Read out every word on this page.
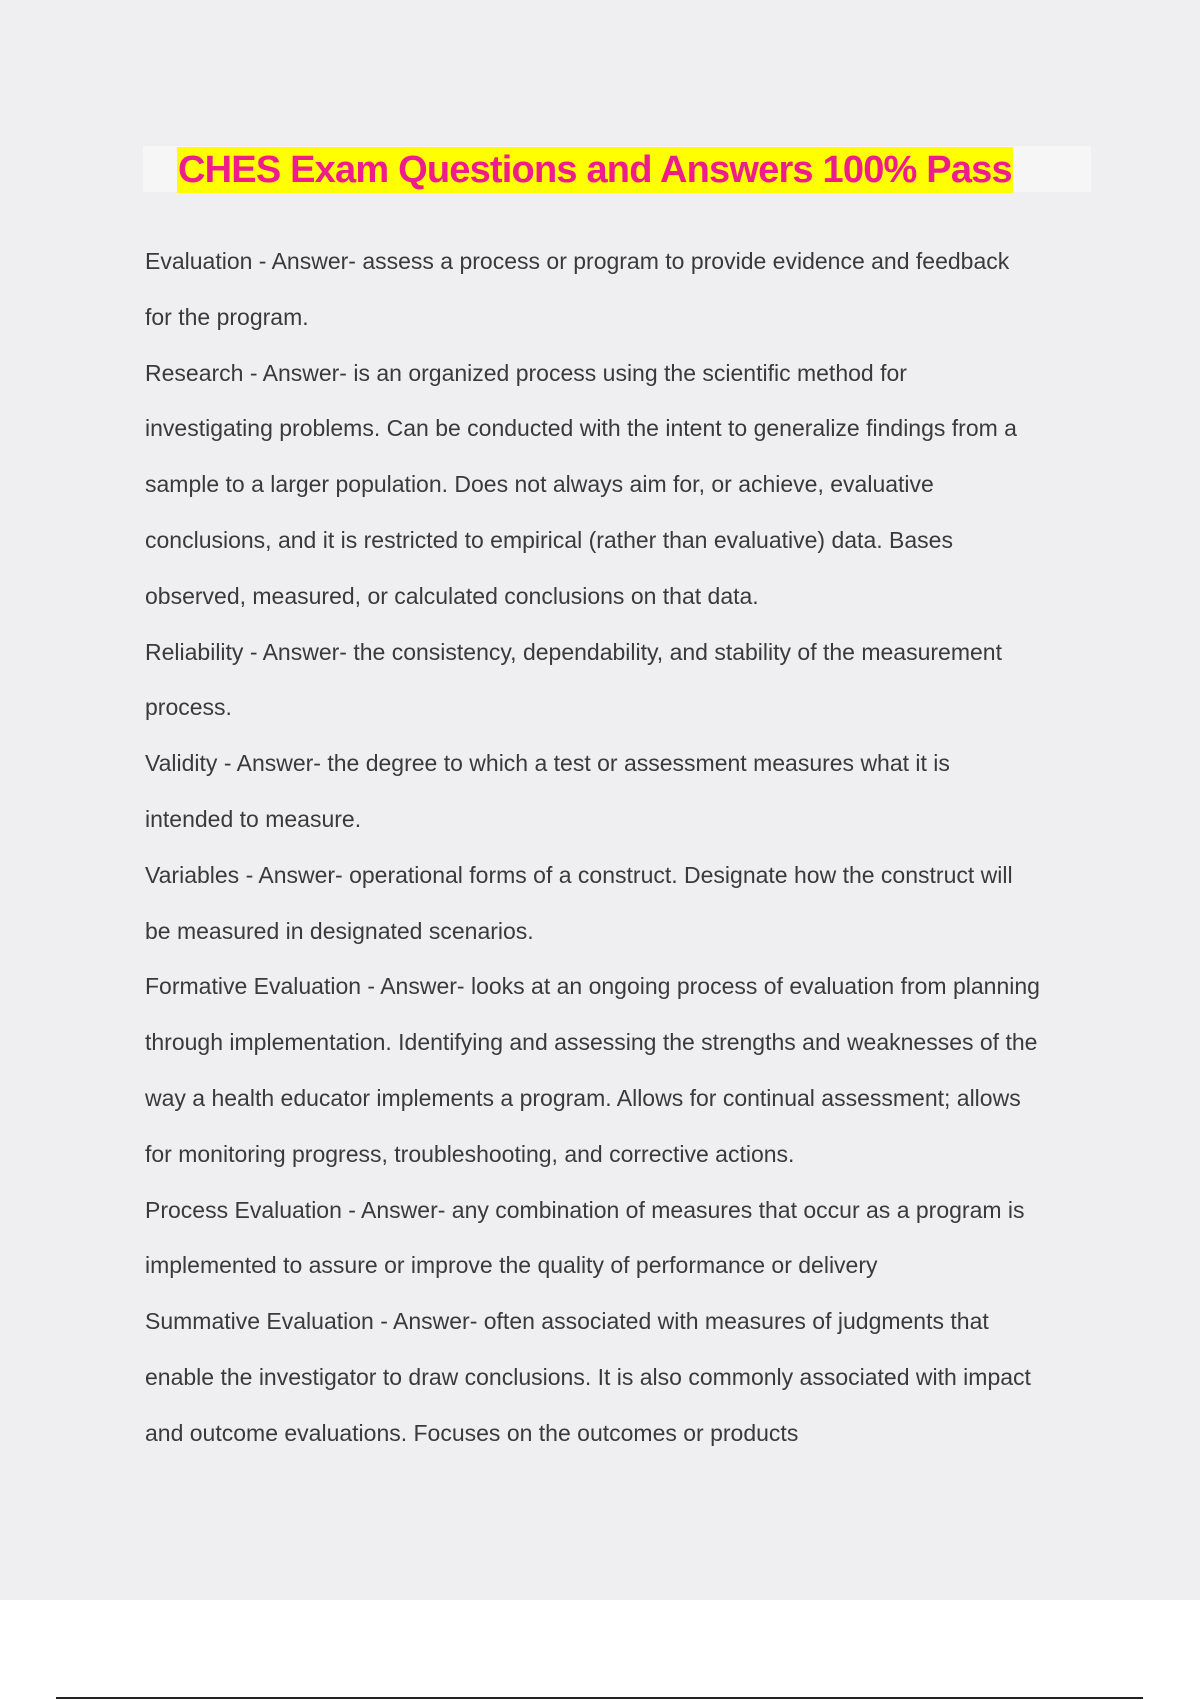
CHES Exam Questions and Answers 100% Pass

Evaluation - Answer- assess a process or program to provide evidence and feedback

for the program.

Research - Answer- is an organized process using the scientific method for

investigating problems. Can be conducted with the intent to generalize findings from a

sample to a larger population. Does not always aim for, or achieve, evaluative

conclusions, and it is restricted to empirical (rather than evaluative) data. Bases

observed, measured, or calculated conclusions on that data.

Reliability - Answer- the consistency, dependability, and stability of the measurement

process.

Validity - Answer- the degree to which a test or assessment measures what it is

intended to measure.

Variables - Answer- operational forms of a construct. Designate how the construct will

be measured in designated scenarios.

Formative Evaluation - Answer- looks at an ongoing process of evaluation from planning

through implementation. Identifying and assessing the strengths and weaknesses of the

way a health educator implements a program. Allows for continual assessment; allows

for monitoring progress, troubleshooting, and corrective actions.

Process Evaluation - Answer- any combination of measures that occur as a program is

implemented to assure or improve the quality of performance or delivery

Summative Evaluation - Answer- often associated with measures of judgments that

enable the investigator to draw conclusions. It is also commonly associated with impact

and outcome evaluations. Focuses on the outcomes or products
